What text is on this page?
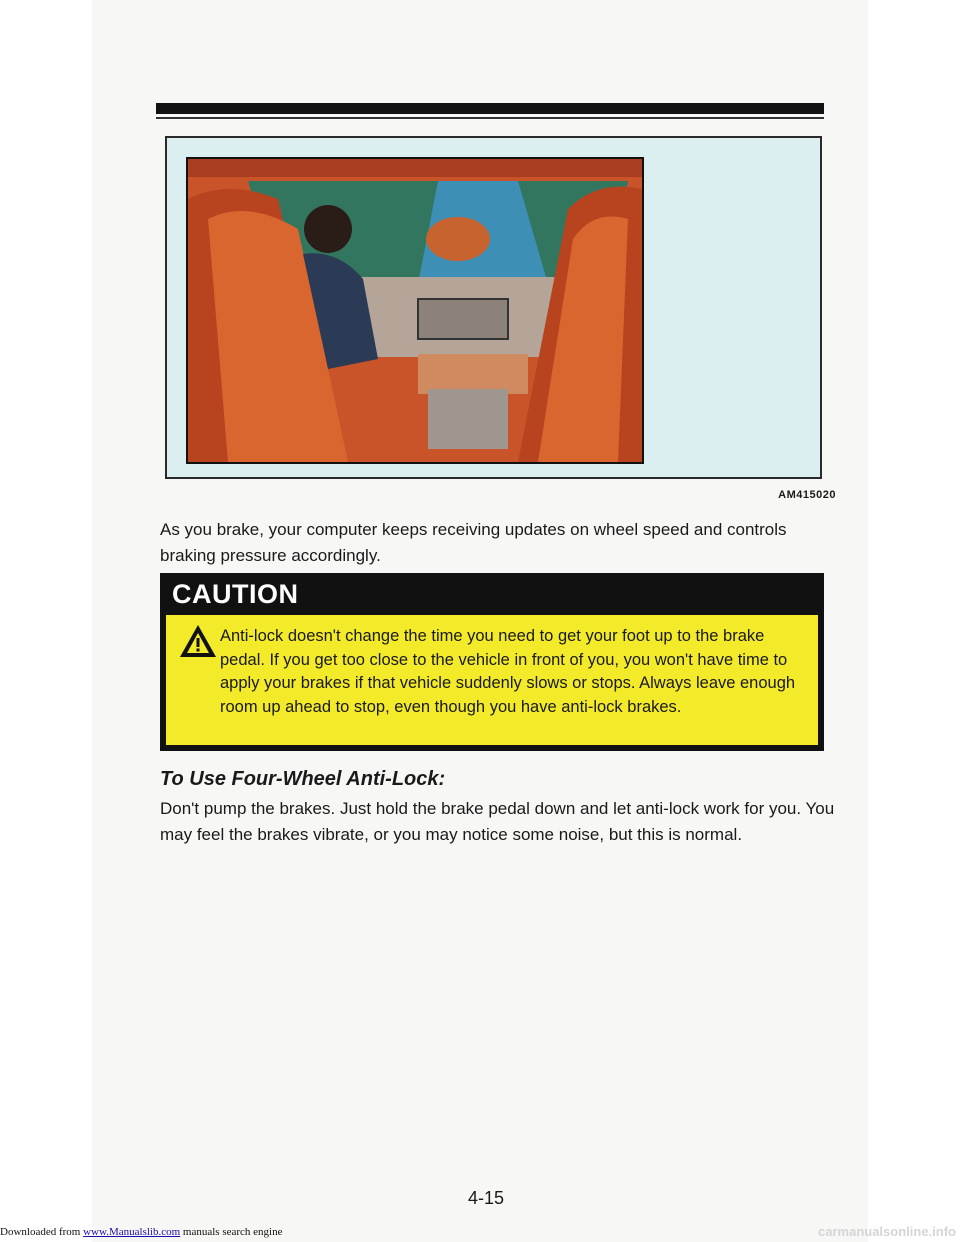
AM415020
As you brake, your computer keeps receiving updates on wheel speed and controls braking pressure accordingly.
CAUTION
Anti-lock doesn't change the time you need to get your foot up to the brake pedal. If you get too close to the vehicle in front of you, you won't have time to apply your brakes if that vehicle suddenly slows or stops. Always leave enough room up ahead to stop, even though you have anti-lock brakes.
To Use Four-Wheel Anti-Lock:
Don't pump the brakes. Just hold the brake pedal down and let anti-lock work for you. You may feel the brakes vibrate, or you may notice some noise, but this is normal.
4-15
Downloaded from www.Manualslib.com manuals search engine	carmanualsonline.info
